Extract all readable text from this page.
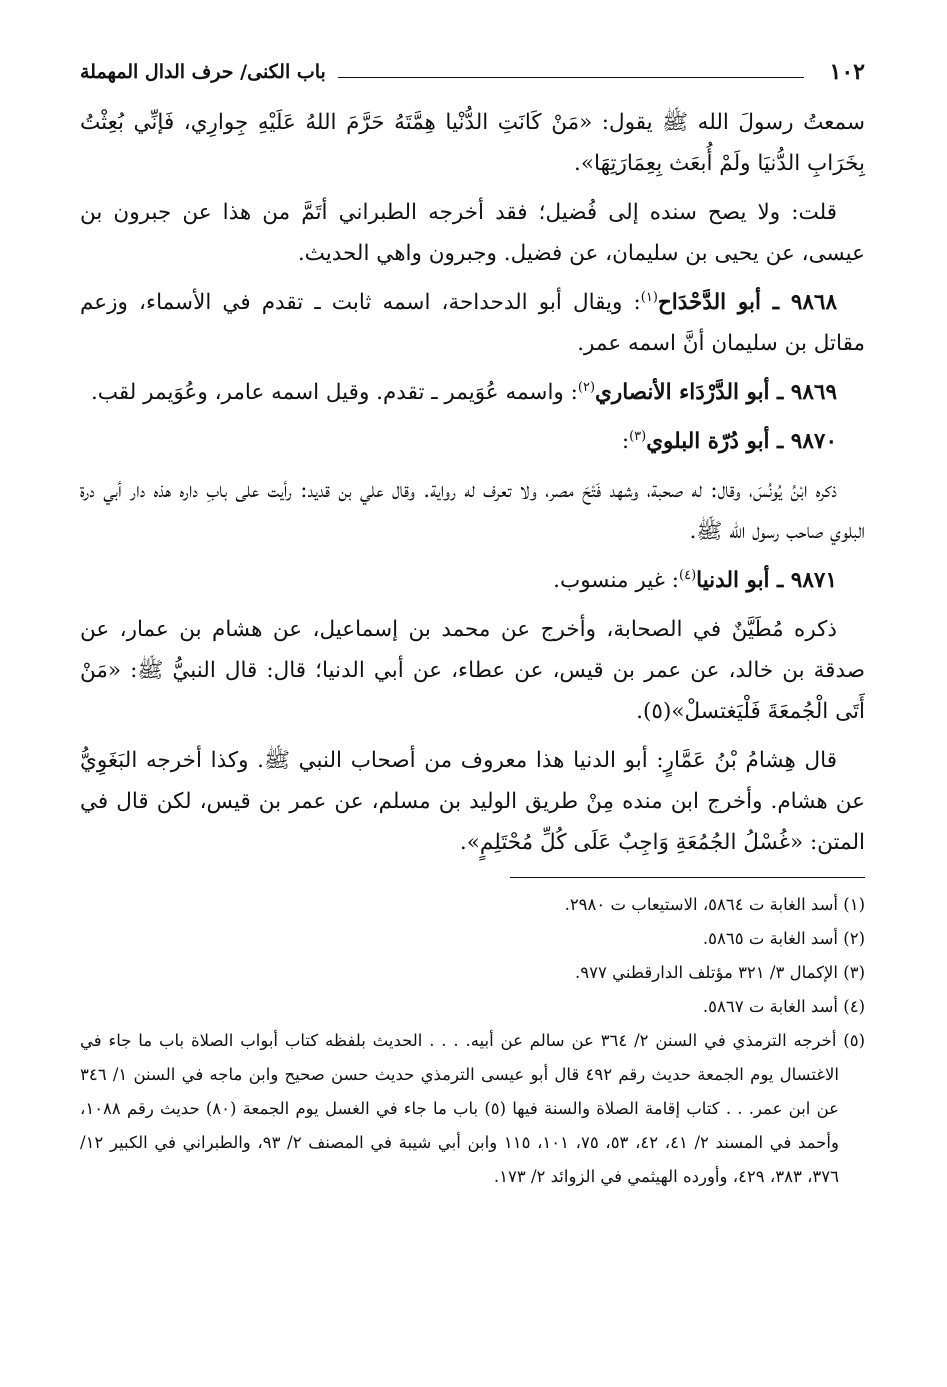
١٠٢
باب الكنى/ حرف الدال المهملة

سمعتُ رسولَ الله ﷺ يقول: «مَنْ كَانَتِ الدُّنْيا هِمَّتَهُ حَرَّمَ اللهُ عَلَيْهِ جِوارِي، فَإنِّي بُعِثْتُ بِخَرَابِ الدُّنيَا ولَمْ أُبعَث بِعِمَارَتِهَا».

قلت: ولا يصح سنده إلى فُضيل؛ فقد أخرجه الطبراني أتَمَّ من هذا عن جبرون بن عيسى، عن يحيى بن سليمان، عن فضيل. وجبرون واهي الحديث.

٩٨٦٨ ـ أبو الدَّحْدَاح$^{(١)}$: ويقال أبو الدحداحة، اسمه ثابت ـ تقدم في الأسماء، وزعم مقاتل بن سليمان أنَّ اسمه عمر.

٩٨٦٩ ـ أبو الدَّرْدَاء الأنصاري$^{(٢)}$: واسمه عُوَيمر ـ تقدم. وقيل اسمه عامر، وعُوَيمر لقب.

٩٨٧٠ ـ أبو دُرّة البلوي$^{(٣)}$:

ذكره ابْنُ يُونُسَ، وقال: له صحبة، وشهد فَتْحَ مصر، ولا تعرف له رواية. وقال علي بن قديد: رأيت على بابِ داره هذه دار أبي درة البلوي صاحب رسول الله ﷺ.

٩٨٧١ ـ أبو الدنيا$^{(٤)}$: غير منسوب.

ذكره مُطَيَّنٌ في الصحابة، وأخرج عن محمد بن إسماعيل، عن هشام بن عمار، عن صدقة بن خالد، عن عمر بن قيس، عن عطاء، عن أبي الدنيا؛ قال: قال النبيُّ ﷺ: «مَنْ أَتَى الْجُمعَةَ فَلْيَغتسلْ»(٥).

قال هِشامُ بْنُ عَمَّارٍ: أبو الدنيا هذا معروف من أصحاب النبي ﷺ. وكذا أخرجه البَغَوِيُّ عن هشام. وأخرج ابن منده مِنْ طريق الوليد بن مسلم، عن عمر بن قيس، لكن قال في المتن: «غُسْلُ الجُمُعَةِ وَاجِبٌ عَلَى كُلِّ مُحْتَلِمٍ».

(١) أسد الغابة ت ٥٨٦٤، الاستيعاب ت ٢٩٨٠.

(٢) أسد الغابة ت ٥٨٦٥.

(٣) الإكمال ٣/ ٣٢١ مؤتلف الدارقطني ٩٧٧.

(٤) أسد الغابة ت ٥٨٦٧.

(٥) أخرجه الترمذي في السنن ٢/ ٣٦٤ عن سالم عن أبيه. . . . الحديث بلفظه كتاب أبواب الصلاة باب ما جاء في الاغتسال يوم الجمعة حديث رقم ٤٩٢ قال أبو عيسى الترمذي حديث حسن صحيح وابن ماجه في السنن ١/ ٣٤٦ عن ابن عمر. . . كتاب إقامة الصلاة والسنة فيها (٥) باب ما جاء في الغسل يوم الجمعة (٨٠) حديث رقم ١٠٨٨، وأحمد في المسند ٢/ ٤١، ٤٢، ٥٣، ٧٥، ١٠١، ١١٥ وابن أبي شيبة في المصنف ٢/ ٩٣، والطبراني في الكبير ١٢/ ٣٧٦، ٣٨٣، ٤٢٩، وأورده الهيثمي في الزوائد ٢/ ١٧٣.
